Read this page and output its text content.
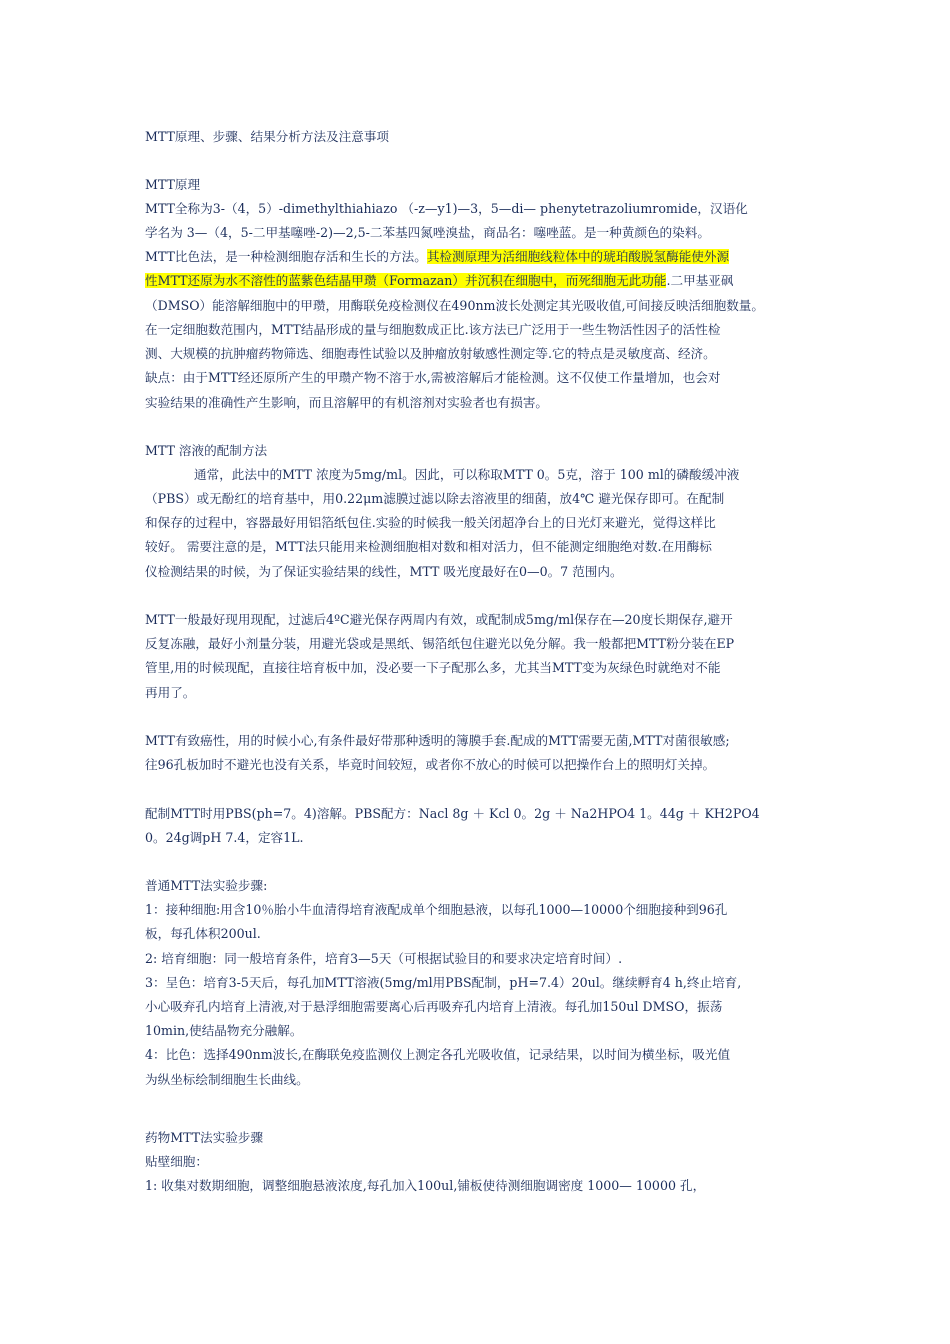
MTT原理、步骤、结果分析方法及注意事项
MTT原理
MTT全称为3-（4，5）-dimethylthiahiazo （-z—y1)—3，5—di— phenytetrazoliumromide，汉语化
学名为 3—（4，5-二甲基噻唑-2)—2,5-二苯基四氮唑溴盐，商品名：噻唑蓝。是一种黄颜色的染料。
MTT比色法，是一种检测细胞存活和生长的方法。其检测原理为活细胞线粒体中的琥珀酸脱氢酶能使外源
性MTT还原为水不溶性的蓝紫色结晶甲瓒（Formazan）并沉积在细胞中，而死细胞无此功能.二甲基亚砜
（DMSO）能溶解细胞中的甲瓒，用酶联免疫检测仪在490nm波长处测定其光吸收值,可间接反映活细胞数量。
在一定细胞数范围内，MTT结晶形成的量与细胞数成正比.该方法已广泛用于一些生物活性因子的活性检
测、大规模的抗肿瘤药物筛选、细胞毒性试验以及肿瘤放射敏感性测定等.它的特点是灵敏度高、经济。
缺点：由于MTT经还原所产生的甲瓒产物不溶于水,需被溶解后才能检测。这不仅使工作量增加，也会对
实验结果的准确性产生影响，而且溶解甲的有机溶剂对实验者也有损害。
MTT 溶液的配制方法
通常，此法中的MTT 浓度为5mg/ml。因此，可以称取MTT 0。5克，溶于 100 ml的磷酸缓冲液
（PBS）或无酚红的培育基中，用0.22μm滤膜过滤以除去溶液里的细菌，放4℃ 避光保存即可。在配制
和保存的过程中，容器最好用铝箔纸包住.实验的时候我一般关闭超净台上的日光灯来避光，觉得这样比
较好。 需要注意的是，MTT法只能用来检测细胞相对数和相对活力，但不能测定细胞绝对数.在用酶标
仪检测结果的时候，为了保证实验结果的线性，MTT 吸光度最好在0—0。7 范围内。
MTT一般最好现用现配，过滤后4ºC避光保存两周内有效，或配制成5mg/ml保存在—20度长期保存,避开
反复冻融，最好小剂量分装，用避光袋或是黑纸、锡箔纸包住避光以免分解。我一般都把MTT粉分装在EP
管里,用的时候现配，直接往培育板中加，没必要一下子配那么多，尤其当MTT变为灰绿色时就绝对不能
再用了。
MTT有致癌性，用的时候小心,有条件最好带那种透明的簿膜手套.配成的MTT需要无菌,MTT对菌很敏感;
往96孔板加时不避光也没有关系，毕竟时间较短，或者你不放心的时候可以把操作台上的照明灯关掉。
配制MTT时用PBS(ph=7。4)溶解。PBS配方：Nacl 8g ＋ Kcl 0。2g ＋ Na2HPO4 1。44g ＋ KH2PO4
0。24g调pH 7.4，定容1L.
普通MTT法实验步骤:
1：接种细胞:用含10％胎小牛血清得培育液配成单个细胞悬液，以每孔1000—10000个细胞接种到96孔
板，每孔体积200ul.
2: 培育细胞：同一般培育条件，培育3—5天（可根据试验目的和要求决定培育时间）.
3：呈色：培育3-5天后，每孔加MTT溶液(5mg/ml用PBS配制，pH=7.4）20ul。继续孵育4 h,终止培育,
小心吸弃孔内培育上清液,对于悬浮细胞需要离心后再吸弃孔内培育上清液。每孔加150ul DMSO，振荡
10min,使结晶物充分融解。
4：比色：选择490nm波长,在酶联免疫监测仪上测定各孔光吸收值，记录结果，以时间为横坐标，吸光值
为纵坐标绘制细胞生长曲线。
药物MTT法实验步骤
贴壁细胞：
1: 收集对数期细胞，调整细胞悬液浓度,每孔加入100ul,铺板使待测细胞调密度 1000— 10000 孔，
